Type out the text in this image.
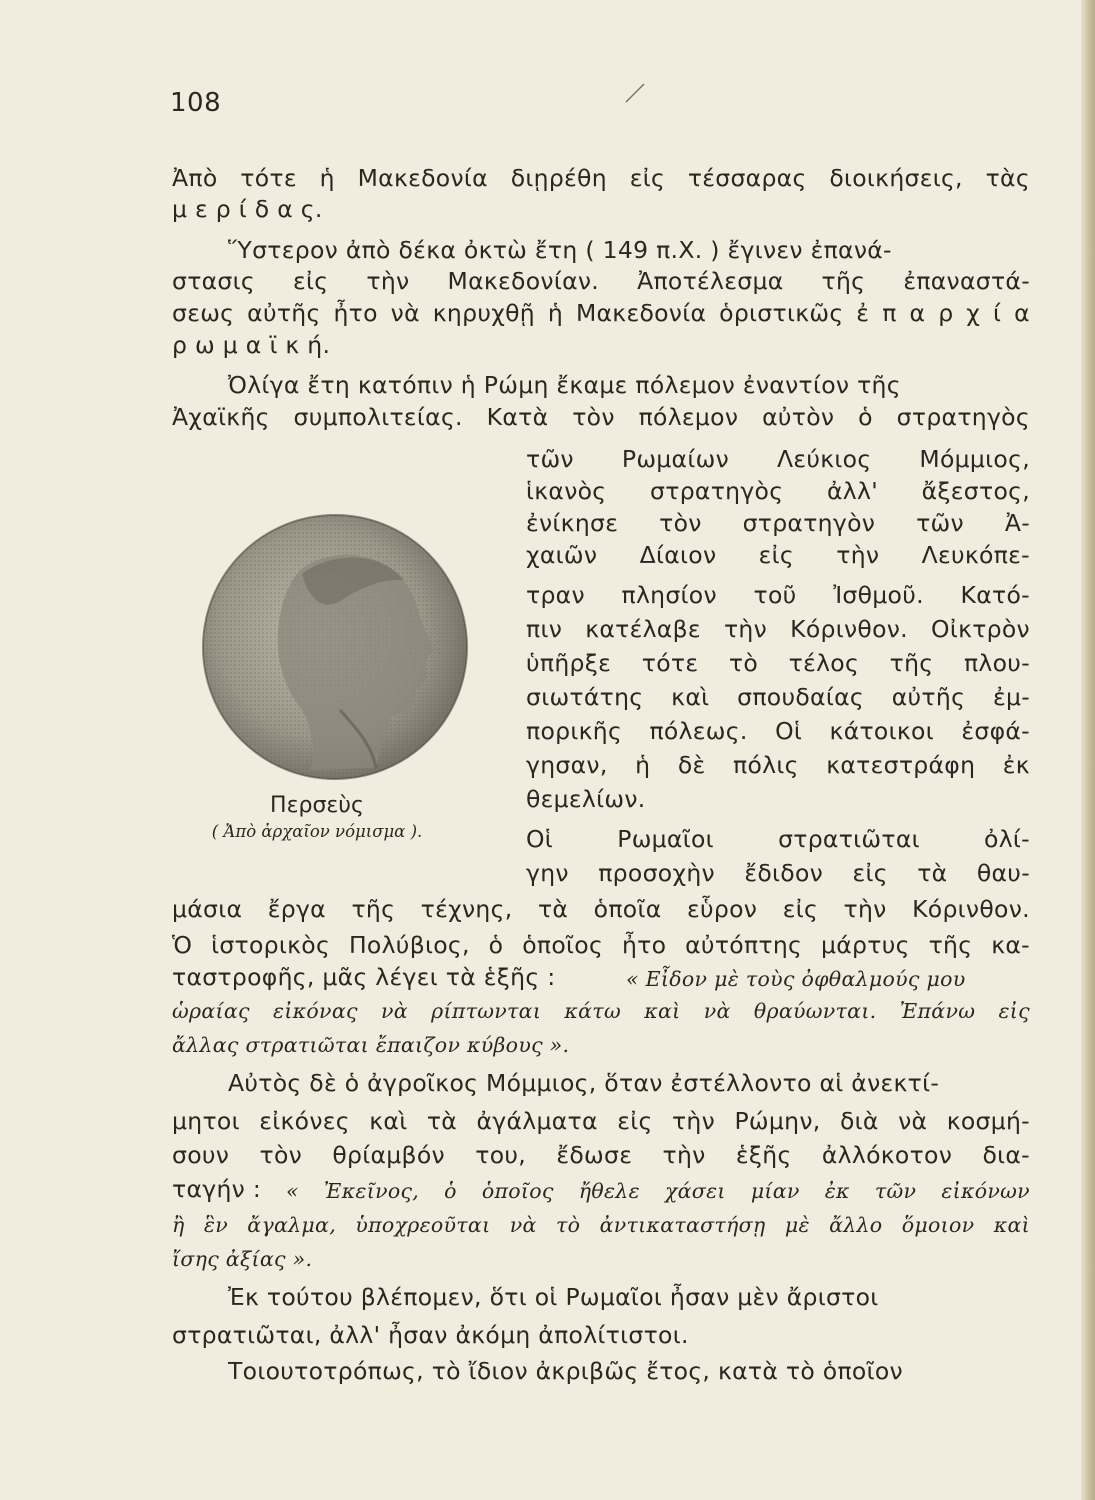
108
Ἀπὸ τότε ἡ Μακεδονία διῃρέθη εἰς τέσσαρας διοικήσεις, τὰς
μ ε ρ ί δ α ς.
Ὕστερον ἀπὸ δέκα ὀκτὼ ἔτη ( 149 π.Χ. ) ἔγινεν ἐπανά-
στασις εἰς τὴν Μακεδονίαν. Ἀποτέλεσμα τῆς ἐπαναστά-
σεως αὐτῆς ἦτο νὰ κηρυχθῇ ἡ Μακεδονία ὁριστικῶς ἐ π α ρ χ ί α
ρ ω μ α ϊ κ ή.
Ὀλίγα ἔτη κατόπιν ἡ Ρώμη ἔκαμε πόλεμον ἐναντίον τῆς
Ἀχαϊκῆς συμπολιτείας. Κατὰ τὸν πόλεμον αὐτὸν ὁ στρατηγὸς
τῶν Ρωμαίων Λεύκιος Μόμμιος,
ἱκανὸς στρατηγὸς ἀλλ' ἄξεστος,
ἐνίκησε τὸν στρατηγὸν τῶν Ἀ-
χαιῶν Δίαιον εἰς τὴν Λευκόπε-
τραν πλησίον τοῦ Ἰσθμοῦ. Κατό-
πιν κατέλαβε τὴν Κόρινθον. Οἰκτρὸν
ὑπῆρξε τότε τὸ τέλος τῆς πλου-
σιωτάτης καὶ σπουδαίας αὐτῆς ἐμ-
πορικῆς πόλεως. Οἱ κάτοικοι ἐσφά-
γησαν, ἡ δὲ πόλις κατεστράφη ἐκ
θεμελίων.
Οἱ	Ρωμαῖοι	στρατιῶται	ὀλί-
γην προσοχὴν ἔδιδον εἰς τὰ θαυ-
μάσια ἔργα τῆς τέχνης, τὰ ὁποῖα εὗρον εἰς τὴν Κόρινθον.
Ὁ ἱστορικὸς Πολύβιος, ὁ ὁποῖος ἦτο αὐτόπτης μάρτυς τῆς κα-
ταστροφῆς, μᾶς λέγει τὰ ἑξῆς :	« Εἶδον μὲ τοὺς ὀφθαλμούς μου
ὡραίας εἰκόνας νὰ ρίπτωνται κάτω καὶ νὰ θραύωνται. Ἐπάνω εἰς
ἄλλας στρατιῶται ἔπαιζον κύβους ».
Αὐτὸς δὲ ὁ ἀγροῖκος Μόμμιος, ὅταν ἐστέλλοντο αἱ ἀνεκτί-
μητοι εἰκόνες καὶ τὰ ἀγάλματα εἰς τὴν Ρώμην, διὰ νὰ κοσμή-
σουν τὸν θρίαμβόν του, ἔδωσε τὴν ἑξῆς ἀλλόκοτον δια-
ταγήν : « Ἐκεῖνος, ὁ ὁποῖος ἤθελε χάσει μίαν ἐκ τῶν εἰκόνων
ἢ ἓν ἄγαλμα, ὑποχρεοῦται νὰ τὸ ἀντικαταστήσῃ μὲ ἄλλο ὅμοιον καὶ
ἴσης ἀξίας ».
Ἐκ τούτου βλέπομεν, ὅτι οἱ Ρωμαῖοι ἦσαν μὲν ἄριστοι
στρατιῶται, ἀλλ' ἦσαν ἀκόμη ἀπολίτιστοι.
Τοιουτοτρόπως, τὸ ἴδιον ἀκριβῶς ἔτος, κατὰ τὸ ὁποῖον
Περσεὺς
( Ἀπὸ ἀρχαῖον νόμισμα ).
